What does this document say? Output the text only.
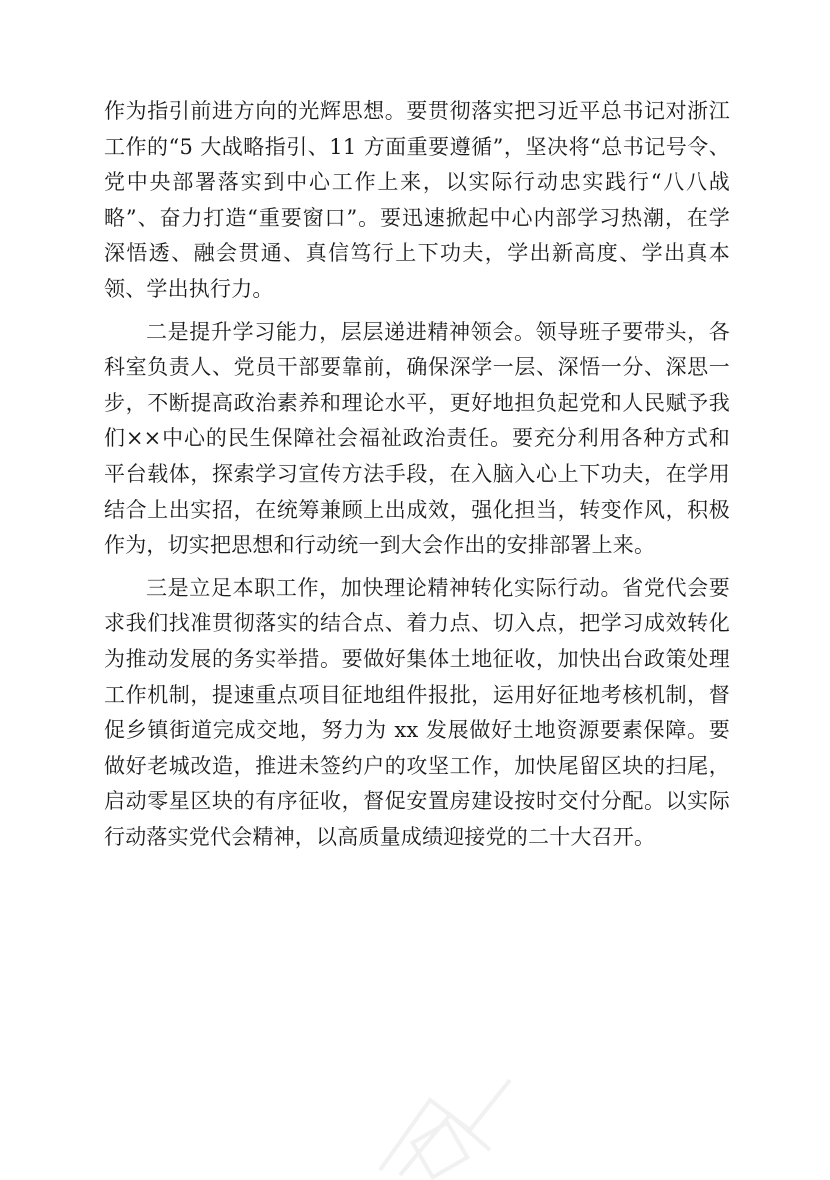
作为指引前进方向的光辉思想。要贯彻落实把习近平总书记对浙江工作的“5 大战略指引、11 方面重要遵循”，坚决将“总书记号令、党中央部署落实到中心工作上来，以实际行动忠实践行“八八战略”、奋力打造“重要窗口”。要迅速掀起中心内部学习热潮，在学深悟透、融会贯通、真信笃行上下功夫，学出新高度、学出真本领、学出执行力。

二是提升学习能力，层层递进精神领会。领导班子要带头，各科室负责人、党员干部要靠前，确保深学一层、深悟一分、深思一步，不断提高政治素养和理论水平，更好地担负起党和人民赋予我们××中心的民生保障社会福祉政治责任。要充分利用各种方式和平台载体，探索学习宣传方法手段，在入脑入心上下功夫，在学用结合上出实招，在统筹兼顾上出成效，强化担当，转变作风，积极作为，切实把思想和行动统一到大会作出的安排部署上来。

三是立足本职工作，加快理论精神转化实际行动。省党代会要求我们找准贯彻落实的结合点、着力点、切入点，把学习成效转化为推动发展的务实举措。要做好集体土地征收，加快出台政策处理工作机制，提速重点项目征地组件报批，运用好征地考核机制，督促乡镇街道完成交地，努力为 xx 发展做好土地资源要素保障。要做好老城改造，推进未签约户的攻坚工作，加快尾留区块的扫尾，启动零星区块的有序征收，督促安置房建设按时交付分配。以实际行动落实党代会精神，以高质量成绩迎接党的二十大召开。
